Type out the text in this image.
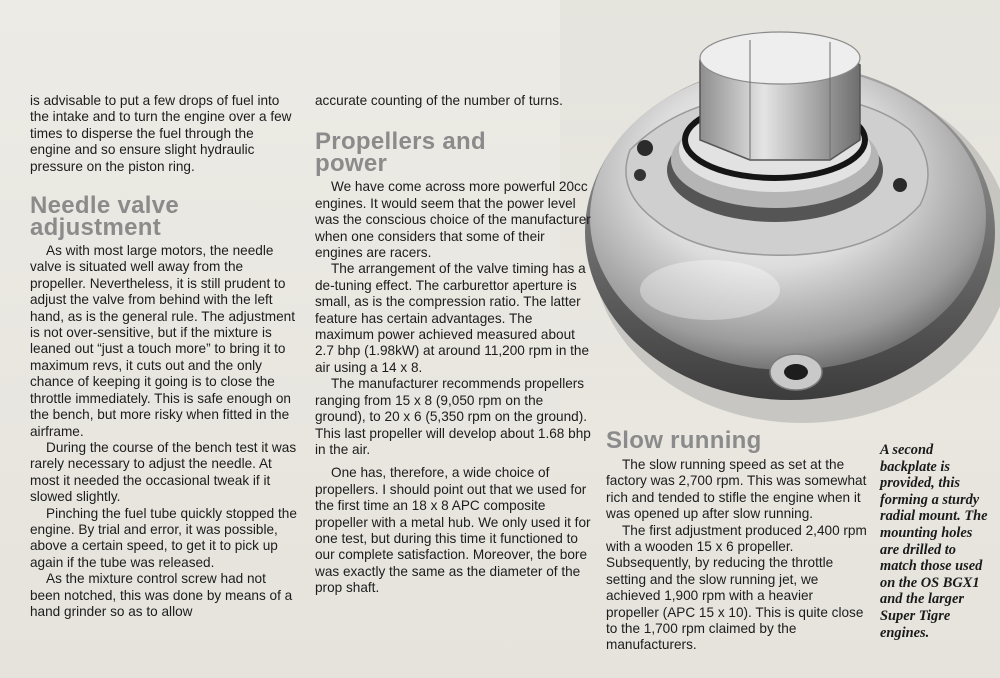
is advisable to put a few drops of fuel into the intake and to turn the engine over a few times to disperse the fuel through the engine and so ensure slight hydraulic pressure on the piston ring.

Needle valve adjustment

As with most large motors, the needle valve is situated well away from the propeller. Nevertheless, it is still prudent to adjust the valve from behind with the left hand, as is the general rule. The adjustment is not over-sensitive, but if the mixture is leaned out “just a touch more” to bring it to maximum revs, it cuts out and the only chance of keeping it going is to close the throttle immediately. This is safe enough on the bench, but more risky when fitted in the airframe.

During the course of the bench test it was rarely necessary to adjust the needle. At most it needed the occasional tweak if it slowed slightly.

Pinching the fuel tube quickly stopped the engine. By trial and error, it was possible, above a certain speed, to get it to pick up again if the tube was released.

As the mixture control screw had not been notched, this was done by means of a hand grinder so as to allow

accurate counting of the number of turns.

Propellers and power

We have come across more powerful 20cc engines. It would seem that the power level was the conscious choice of the manufacturer when one considers that some of their engines are racers.

The arrangement of the valve timing has a de-tuning effect. The carburettor aperture is small, as is the compression ratio. The latter feature has certain advantages. The maximum power achieved measured about 2.7 bhp (1.98kW) at around 11,200 rpm in the air using a 14 x 8.

The manufacturer recommends propellers ranging from 15 x 8 (9,050 rpm on the ground), to 20 x 6 (5,350 rpm on the ground). This last propeller will develop about 1.68 bhp in the air.

One has, therefore, a wide choice of propellers. I should point out that we used for the first time an 18 x 8 APC composite propeller with a metal hub. We only used it for one test, but during this time it functioned to our complete satisfaction. Moreover, the bore was exactly the same as the diameter of the prop shaft.

Slow running

The slow running speed as set at the factory was 2,700 rpm. This was somewhat rich and tended to stifle the engine when it was opened up after slow running.

The first adjustment produced 2,400 rpm with a wooden 15 x 6 propeller. Subsequently, by reducing the throttle setting and the slow running jet, we achieved 1,900 rpm with a heavier propeller (APC 15 x 10). This is quite close to the 1,700 rpm claimed by the manufacturers.

A second backplate is provided, this forming a sturdy radial mount. The mounting holes are drilled to match those used on the OS BGX1 and the larger Super Tigre engines.
